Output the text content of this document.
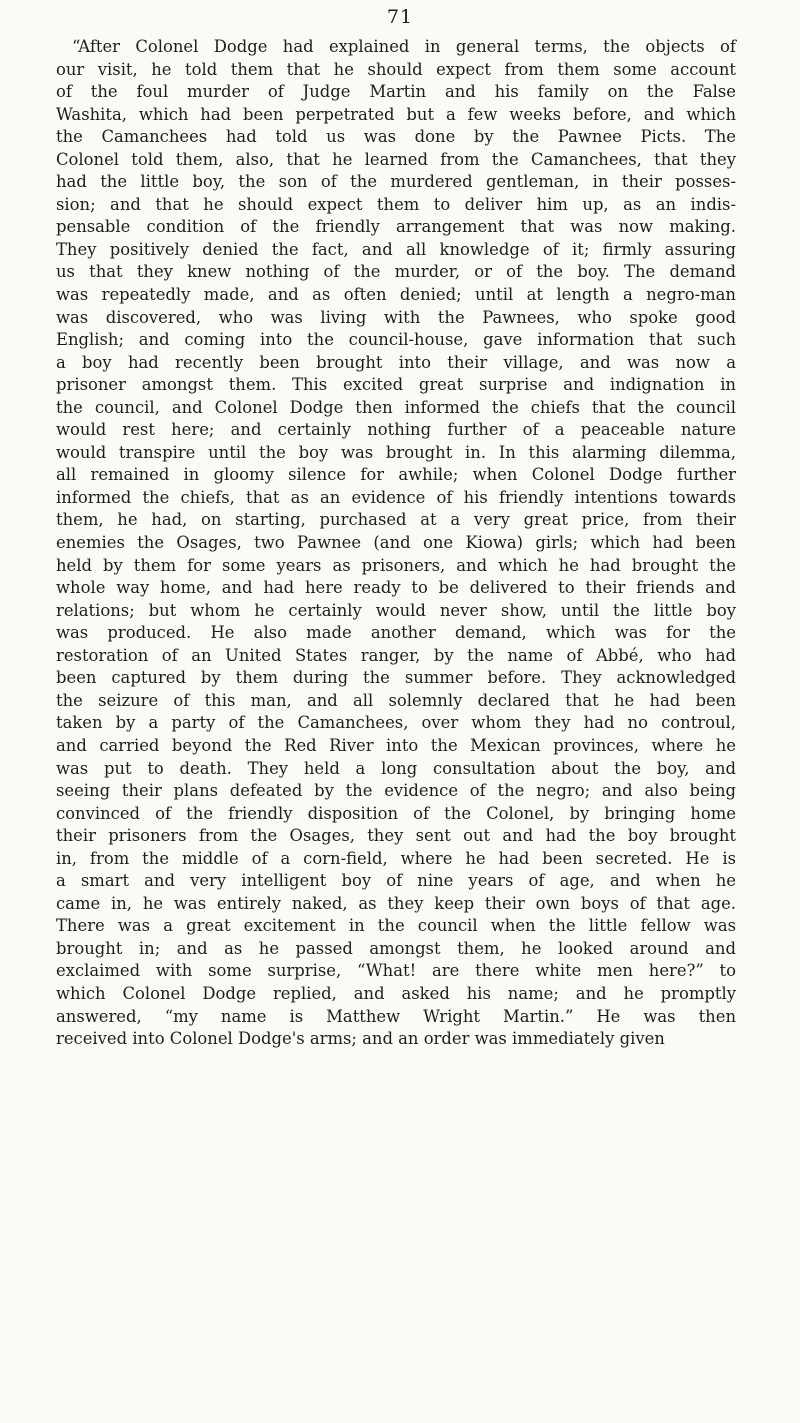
71
“After Colonel Dodge had explained in general terms, the objects of
our visit, he told them that he should expect from them some account
of the foul murder of Judge Martin and his family on the False
Washita, which had been perpetrated but a few weeks before, and which
the Camanchees had told us was done by the Pawnee Picts. The
Colonel told them, also, that he learned from the Camanchees, that they
had the little boy, the son of the murdered gentleman, in their posses-
sion; and that he should expect them to deliver him up, as an indis-
pensable condition of the friendly arrangement that was now making.
They positively denied the fact, and all knowledge of it; firmly assuring
us that they knew nothing of the murder, or of the boy. The demand
was repeatedly made, and as often denied; until at length a negro-man
was discovered, who was living with the Pawnees, who spoke good
English; and coming into the council-house, gave information that such
a boy had recently been brought into their village, and was now a
prisoner amongst them. This excited great surprise and indignation in
the council, and Colonel Dodge then informed the chiefs that the council
would rest here; and certainly nothing further of a peaceable nature
would transpire until the boy was brought in. In this alarming dilemma,
all remained in gloomy silence for awhile; when Colonel Dodge further
informed the chiefs, that as an evidence of his friendly intentions towards
them, he had, on starting, purchased at a very great price, from their
enemies the Osages, two Pawnee (and one Kiowa) girls; which had been
held by them for some years as prisoners, and which he had brought the
whole way home, and had here ready to be delivered to their friends and
relations; but whom he certainly would never show, until the little boy
was produced. He also made another demand, which was for the
restoration of an United States ranger, by the name of Abbé, who had
been captured by them during the summer before. They acknowledged
the seizure of this man, and all solemnly declared that he had been
taken by a party of the Camanchees, over whom they had no controul,
and carried beyond the Red River into the Mexican provinces, where he
was put to death. They held a long consultation about the boy, and
seeing their plans defeated by the evidence of the negro; and also being
convinced of the friendly disposition of the Colonel, by bringing home
their prisoners from the Osages, they sent out and had the boy brought
in, from the middle of a corn-field, where he had been secreted. He is
a smart and very intelligent boy of nine years of age, and when he
came in, he was entirely naked, as they keep their own boys of that age.
There was a great excitement in the council when the little fellow was
brought in; and as he passed amongst them, he looked around and
exclaimed with some surprise, “What! are there white men here?” to
which Colonel Dodge replied, and asked his name; and he promptly
answered, “my name is Matthew Wright Martin.” He was then
received into Colonel Dodge's arms; and an order was immediately given
